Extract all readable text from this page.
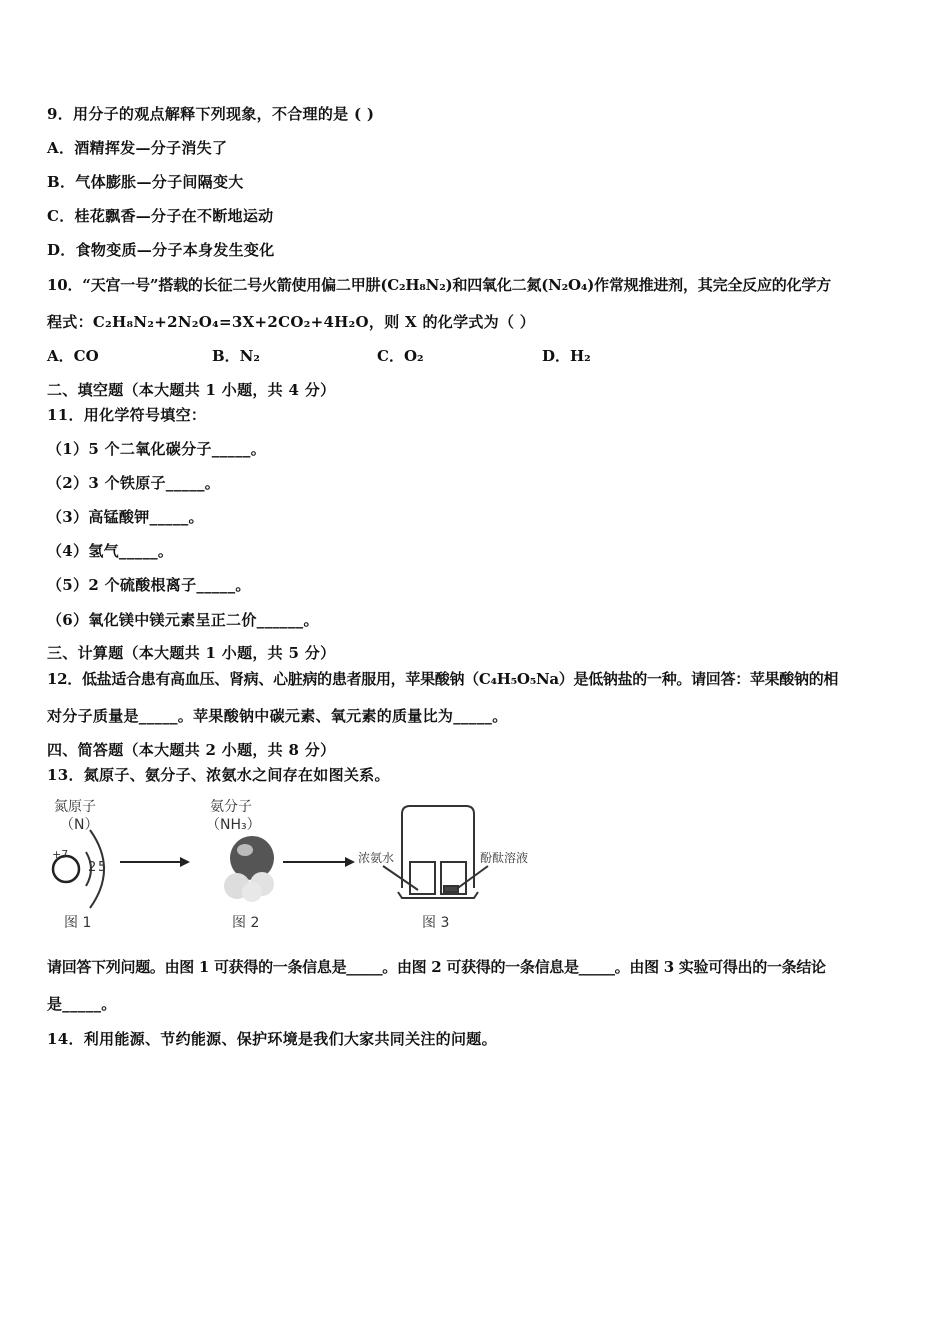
9．用分子的观点解释下列现象，不合理的是 ( )
A．酒精挥发—分子消失了
B．气体膨胀—分子间隔变大
C．桂花飘香—分子在不断地运动
D．食物变质—分子本身发生变化
10．“天宫一号”搭载的长征二号火箭使用偏二甲肼(C₂H₈N₂)和四氧化二氮(N₂O₄)作常规推进剂，其完全反应的化学方
程式：C₂H₈N₂+2N₂O₄=3X+2CO₂+4H₂O，则 X 的化学式为（ ）
A．CO	B．N₂	C．O₂	D．H₂
二、填空题（本大题共 1 小题，共 4 分）
11．用化学符号填空：
（1）5 个二氧化碳分子_____。
（2）3 个铁原子_____。
（3）高锰酸钾_____。
（4）氢气_____。
（5）2 个硫酸根离子_____。
（6）氧化镁中镁元素呈正二价______。
三、计算题（本大题共 1 小题，共 5 分）
12．低盐适合患有高血压、肾病、心脏病的患者服用，苹果酸钠（C₄H₅O₅Na）是低钠盐的一种。请回答：苹果酸钠的相
对分子质量是_____。苹果酸钠中碳元素、氧元素的质量比为_____。
四、简答题（本大题共 2 小题，共 8 分）
13．氮原子、氨分子、浓氨水之间存在如图关系。
氮原子
（N）
+7
2 5
图 1
氨分子
（NH₃）
图 2
浓氨水	酚酞溶液
图 3
请回答下列问题。由图 1 可获得的一条信息是_____。由图 2 可获得的一条信息是_____。由图 3 实验可得出的一条结论
是_____。
14．利用能源、节约能源、保护环境是我们大家共同关注的问题。
